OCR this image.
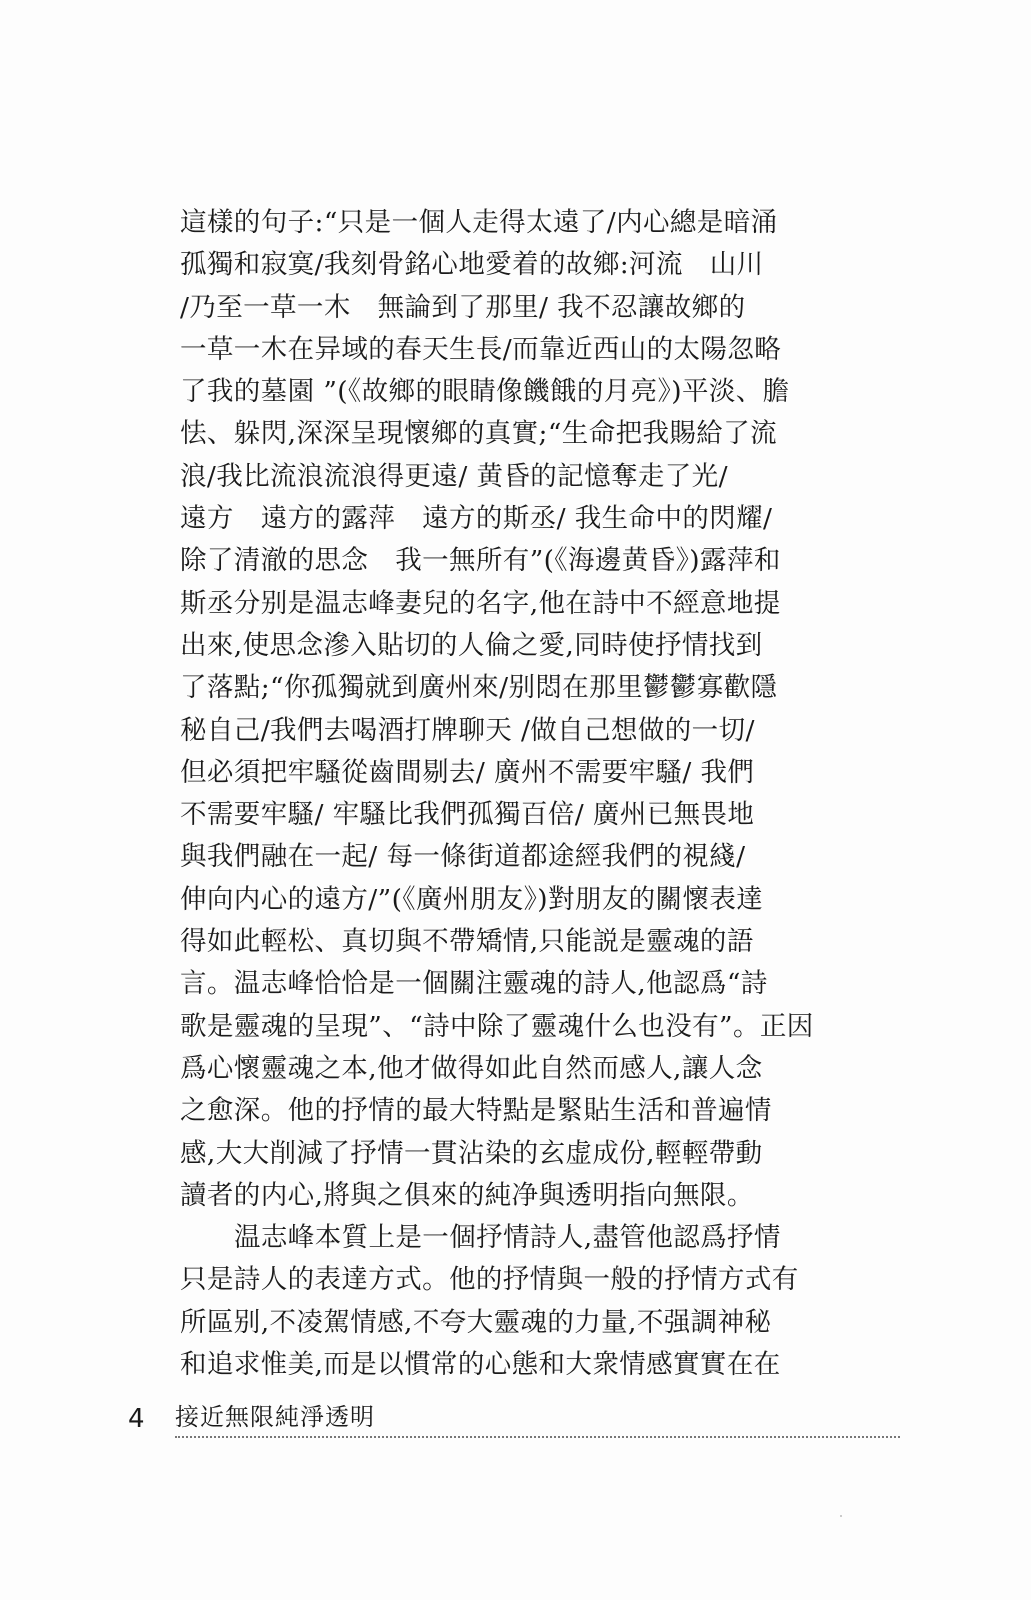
這樣的句子:“只是一個人走得太遠了/内心總是暗涌
孤獨和寂寞/我刻骨銘心地愛着的故鄉:河流　山川
/乃至一草一木　無論到了那里/ 我不忍讓故鄉的
一草一木在异域的春天生長/而靠近西山的太陽忽略
了我的墓園 ”(《故鄉的眼睛像饑餓的月亮》)平淡、膽
怯、躲閃,深深呈現懷鄉的真實;“生命把我賜給了流
浪/我比流浪流浪得更遠/ 黄昏的記憶奪走了光/
遠方　遠方的露萍　遠方的斯丞/ 我生命中的閃耀/
除了清澈的思念　我一無所有”(《海邊黄昏》)露萍和
斯丞分别是温志峰妻兒的名字,他在詩中不經意地提
出來,使思念滲入貼切的人倫之愛,同時使抒情找到
了落點;“你孤獨就到廣州來/别悶在那里鬱鬱寡歡隱
秘自己/我們去喝酒打牌聊天 /做自己想做的一切/
但必須把牢騷從齒間剔去/ 廣州不需要牢騷/ 我們
不需要牢騷/ 牢騷比我們孤獨百倍/ 廣州已無畏地
與我們融在一起/ 每一條街道都途經我們的視綫/
伸向内心的遠方/”(《廣州朋友》)對朋友的關懷表達
得如此輕松、真切與不帶矯情,只能説是靈魂的語
言。温志峰恰恰是一個關注靈魂的詩人,他認爲“詩
歌是靈魂的呈現”、“詩中除了靈魂什么也没有”。正因
爲心懷靈魂之本,他才做得如此自然而感人,讓人念
之愈深。他的抒情的最大特點是緊貼生活和普遍情
感,大大削減了抒情一貫沾染的玄虚成份,輕輕帶動
讀者的内心,將與之俱來的純净與透明指向無限。
温志峰本質上是一個抒情詩人,盡管他認爲抒情
只是詩人的表達方式。他的抒情與一般的抒情方式有
所區别,不凌駕情感,不夸大靈魂的力量,不强調神秘
和追求惟美,而是以慣常的心態和大衆情感實實在在
4 接近無限純淨透明
